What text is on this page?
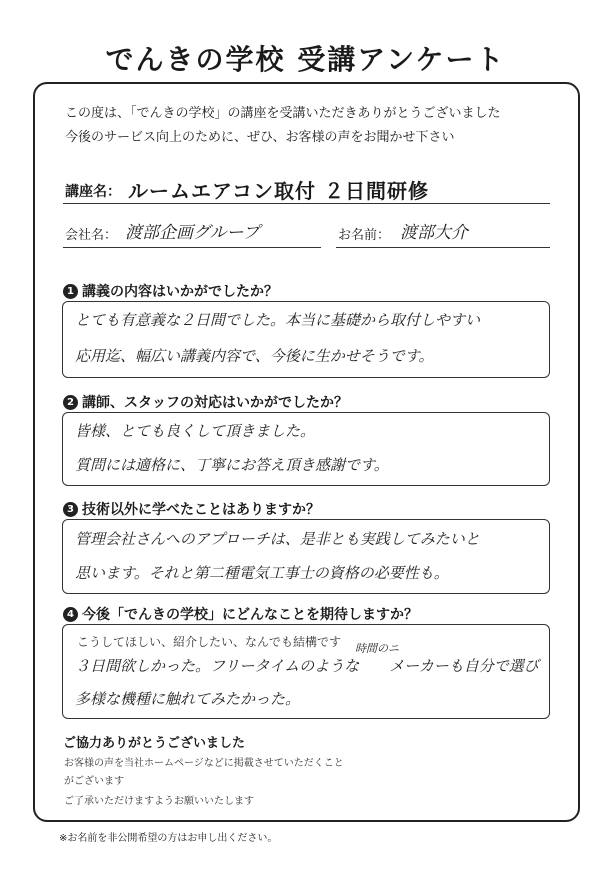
でんきの学校 受講アンケート
この度は、「でんきの学校」の講座を受講いただきありがとうございました
今後のサービス向上のために、ぜひ、お客様の声をお聞かせ下さい
講座名： ルームエアコン取付 ２日間研修
会社名： 渡部企画グループ	お名前： 渡部大介
1 講義の内容はいかがでしたか？
とても有意義な２日間でした。本当に基礎から取付しやすい
応用迄、幅広い講義内容で、今後に生かせそうです。
2 講師、スタッフの対応はいかがでしたか？
皆様、とても良くして頂きました。
質問には適格に、丁寧にお答え頂き感謝です。
3 技術以外に学べたことはありますか？
管理会社さんへのアプローチは、是非とも実践してみたいと
思います。それと第二種電気工事士の資格の必要性も。
4 今後「でんきの学校」にどんなことを期待しますか？
こうしてほしい、紹介したい、なんでも結構です 時間のニ
３日間欲しかった。フリータイムのような　　メーカーも自分で選び
多様な機種に触れてみたかった。
ご協力ありがとうございました
お客様の声を当社ホームページなどに掲載させていただくこと
がございます
ご了承いただけますようお願いいたします
※お名前を非公開希望の方はお申し出ください。
